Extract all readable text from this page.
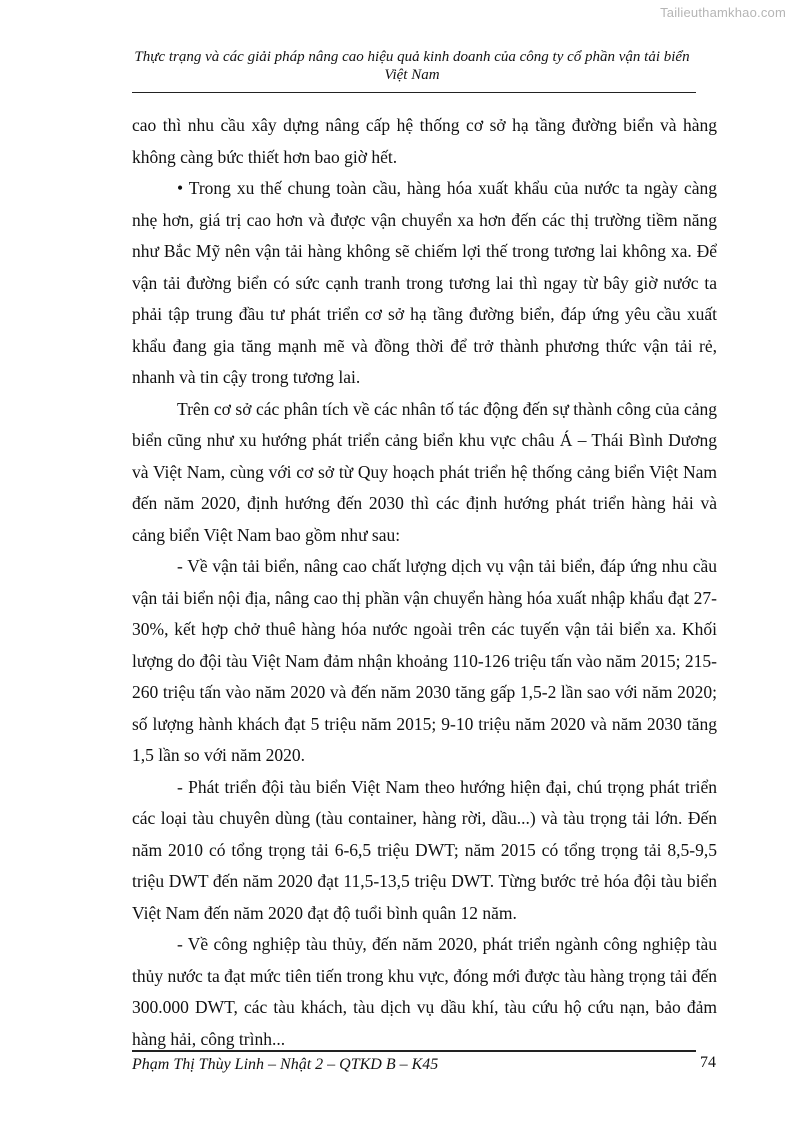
Tailieuthamkhao.com
Thực trạng và các giải pháp nâng cao hiệu quả kinh doanh của công ty cổ phần vận tải biển Việt Nam

cao thì nhu cầu xây dựng nâng cấp hệ thống cơ sở hạ tầng đường biển và hàng không càng bức thiết hơn bao giờ hết.

• Trong xu thế chung toàn cầu, hàng hóa xuất khẩu của nước ta ngày càng nhẹ hơn, giá trị cao hơn và được vận chuyển xa hơn đến các thị trường tiềm năng như Bắc Mỹ nên vận tải hàng không sẽ chiếm lợi thế trong tương lai không xa. Để vận tải đường biển có sức cạnh tranh trong tương lai thì ngay từ bây giờ nước ta phải tập trung đầu tư phát triển cơ sở hạ tầng đường biển, đáp ứng yêu cầu xuất khẩu đang gia tăng mạnh mẽ và đồng thời để trở thành phương thức vận tải rẻ, nhanh và tin cậy trong tương lai.

Trên cơ sở các phân tích về các nhân tố tác động đến sự thành công của cảng biển cũng như xu hướng phát triển cảng biển khu vực châu Á – Thái Bình Dương và Việt Nam, cùng với cơ sở từ Quy hoạch phát triển hệ thống cảng biển Việt Nam đến năm 2020, định hướng đến 2030 thì các định hướng phát triển hàng hải và cảng biển Việt Nam bao gồm như sau:

- Về vận tải biển, nâng cao chất lượng dịch vụ vận tải biển, đáp ứng nhu cầu vận tải biển nội địa, nâng cao thị phần vận chuyển hàng hóa xuất nhập khẩu đạt 27-30%, kết hợp chở thuê hàng hóa nước ngoài trên các tuyến vận tải biển xa. Khối lượng do đội tàu Việt Nam đảm nhận khoảng 110-126 triệu tấn vào năm 2015; 215-260 triệu tấn vào năm 2020 và đến năm 2030 tăng gấp 1,5-2 lần sao với năm 2020; số lượng hành khách đạt 5 triệu năm 2015; 9-10 triệu năm 2020 và năm 2030 tăng 1,5 lần so với năm 2020.

- Phát triển đội tàu biển Việt Nam theo hướng hiện đại, chú trọng phát triển các loại tàu chuyên dùng (tàu container, hàng rời, dầu...) và tàu trọng tải lớn. Đến năm 2010 có tổng trọng tải 6-6,5 triệu DWT; năm 2015 có tổng trọng tải 8,5-9,5 triệu DWT đến năm 2020 đạt 11,5-13,5 triệu DWT. Từng bước trẻ hóa đội tàu biển Việt Nam đến năm 2020 đạt độ tuổi bình quân 12 năm.

- Về công nghiệp tàu thủy, đến năm 2020, phát triển ngành công nghiệp tàu thủy nước ta đạt mức tiên tiến trong khu vực, đóng mới được tàu hàng trọng tải đến 300.000 DWT, các tàu khách, tàu dịch vụ dầu khí, tàu cứu hộ cứu nạn, bảo đảm hàng hải, công trình...

Phạm Thị Thùy Linh – Nhật 2 – QTKD B – K45	74
